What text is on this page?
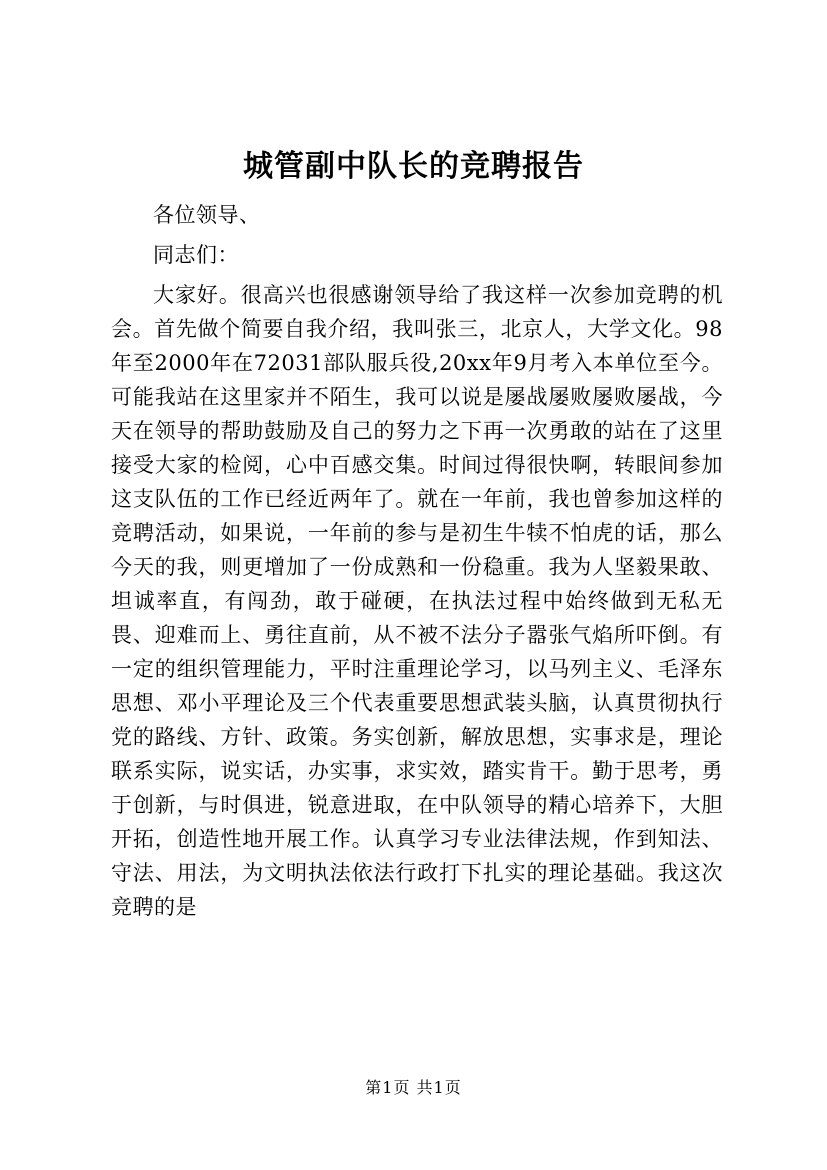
城管副中队长的竞聘报告

各位领导、

同志们：

大家好。很高兴也很感谢领导给了我这样一次参加竞聘的机会。首先做个简要自我介绍，我叫张三，北京人，大学文化。98年至2000年在72031部队服兵役,20xx年9月考入本单位至今。可能我站在这里家并不陌生，我可以说是屡战屡败屡败屡战，今天在领导的帮助鼓励及自己的努力之下再一次勇敢的站在了这里接受大家的检阅，心中百感交集。时间过得很快啊，转眼间参加这支队伍的工作已经近两年了。就在一年前，我也曾参加这样的竞聘活动，如果说，一年前的参与是初生牛犊不怕虎的话，那么今天的我，则更增加了一份成熟和一份稳重。我为人坚毅果敢、坦诚率直，有闯劲，敢于碰硬，在执法过程中始终做到无私无畏、迎难而上、勇往直前，从不被不法分子嚣张气焰所吓倒。有一定的组织管理能力，平时注重理论学习，以马列主义、毛泽东思想、邓小平理论及三个代表重要思想武装头脑，认真贯彻执行党的路线、方针、政策。务实创新，解放思想，实事求是，理论联系实际，说实话，办实事，求实效，踏实肯干。勤于思考，勇于创新，与时俱进，锐意进取，在中队领导的精心培养下，大胆开拓，创造性地开展工作。认真学习专业法律法规，作到知法、守法、用法，为文明执法依法行政打下扎实的理论基础。我这次竞聘的是

第1页 共1页
